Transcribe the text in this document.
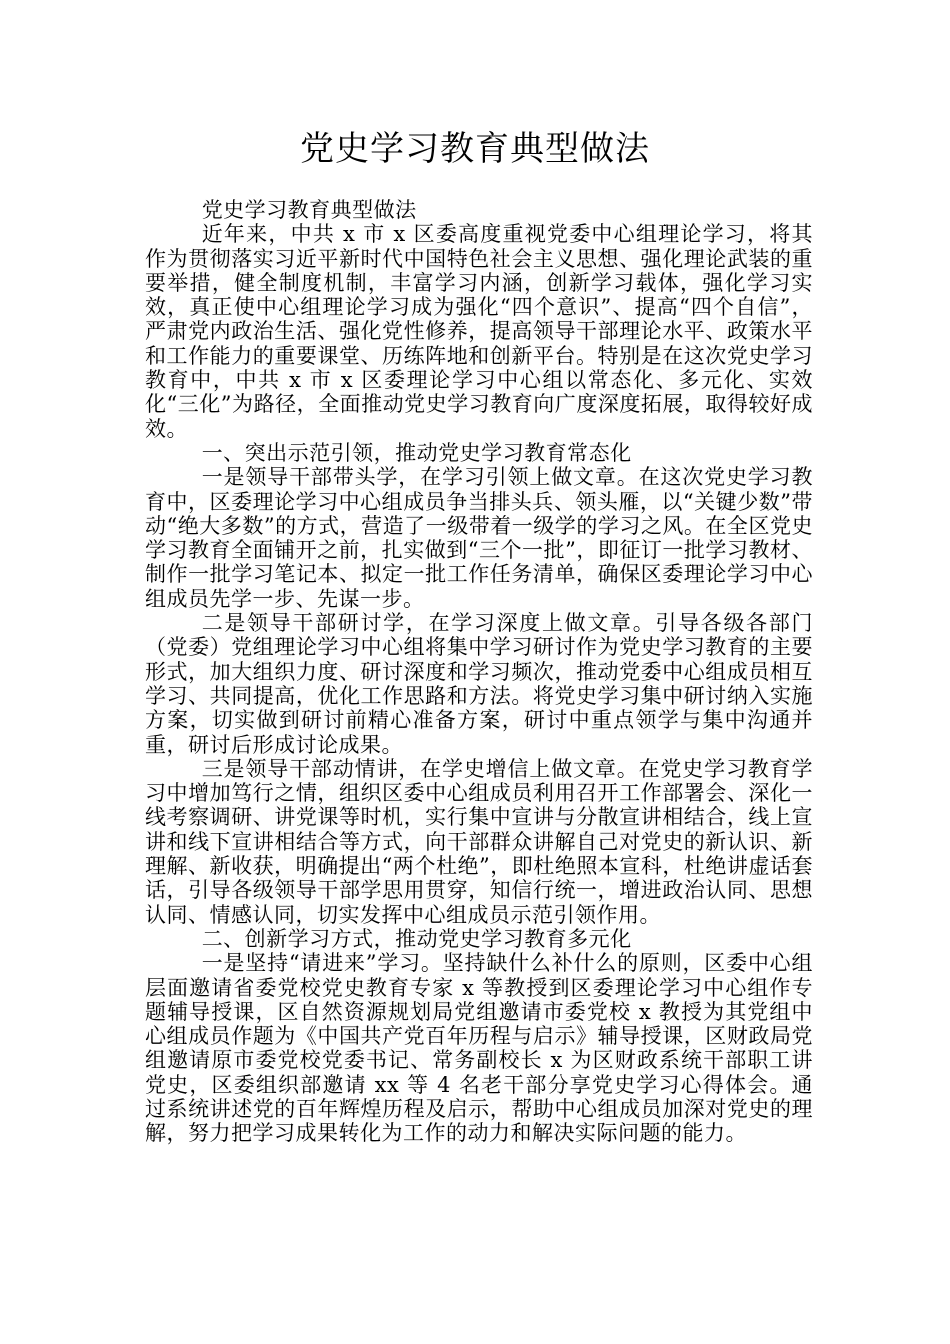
党史学习教育典型做法

党史学习教育典型做法

近年来，中共 x 市 x 区委高度重视党委中心组理论学习，将其作为贯彻落实习近平新时代中国特色社会主义思想、强化理论武装的重要举措，健全制度机制，丰富学习内涵，创新学习载体，强化学习实效，真正使中心组理论学习成为强化“四个意识”、提高“四个自信”，严肃党内政治生活、强化党性修养，提高领导干部理论水平、政策水平和工作能力的重要课堂、历练阵地和创新平台。特别是在这次党史学习教育中，中共 x 市 x 区委理论学习中心组以常态化、多元化、实效化“三化”为路径，全面推动党史学习教育向广度深度拓展，取得较好成效。

一、突出示范引领，推动党史学习教育常态化

一是领导干部带头学，在学习引领上做文章。在这次党史学习教育中，区委理论学习中心组成员争当排头兵、领头雁，以“关键少数”带动“绝大多数”的方式，营造了一级带着一级学的学习之风。在全区党史学习教育全面铺开之前，扎实做到“三个一批”，即征订一批学习教材、制作一批学习笔记本、拟定一批工作任务清单，确保区委理论学习中心组成员先学一步、先谋一步。

二是领导干部研讨学，在学习深度上做文章。引导各级各部门（党委）党组理论学习中心组将集中学习研讨作为党史学习教育的主要形式，加大组织力度、研讨深度和学习频次，推动党委中心组成员相互学习、共同提高，优化工作思路和方法。将党史学习集中研讨纳入实施方案，切实做到研讨前精心准备方案，研讨中重点领学与集中沟通并重，研讨后形成讨论成果。

三是领导干部动情讲，在学史增信上做文章。在党史学习教育学习中增加笃行之情，组织区委中心组成员利用召开工作部署会、深化一线考察调研、讲党课等时机，实行集中宣讲与分散宣讲相结合，线上宣讲和线下宣讲相结合等方式，向干部群众讲解自己对党史的新认识、新理解、新收获，明确提出“两个杜绝”，即杜绝照本宣科，杜绝讲虚话套话，引导各级领导干部学思用贯穿，知信行统一，增进政治认同、思想认同、情感认同，切实发挥中心组成员示范引领作用。

二、创新学习方式，推动党史学习教育多元化

一是坚持“请进来”学习。坚持缺什么补什么的原则，区委中心组层面邀请省委党校党史教育专家 x 等教授到区委理论学习中心组作专题辅导授课，区自然资源规划局党组邀请市委党校 x 教授为其党组中心组成员作题为《中国共产党百年历程与启示》辅导授课，区财政局党组邀请原市委党校党委书记、常务副校长 x 为区财政系统干部职工讲党史，区委组织部邀请 xx 等 4 名老干部分享党史学习心得体会。通过系统讲述党的百年辉煌历程及启示，帮助中心组成员加深对党史的理解，努力把学习成果转化为工作的动力和解决实际问题的能力。
